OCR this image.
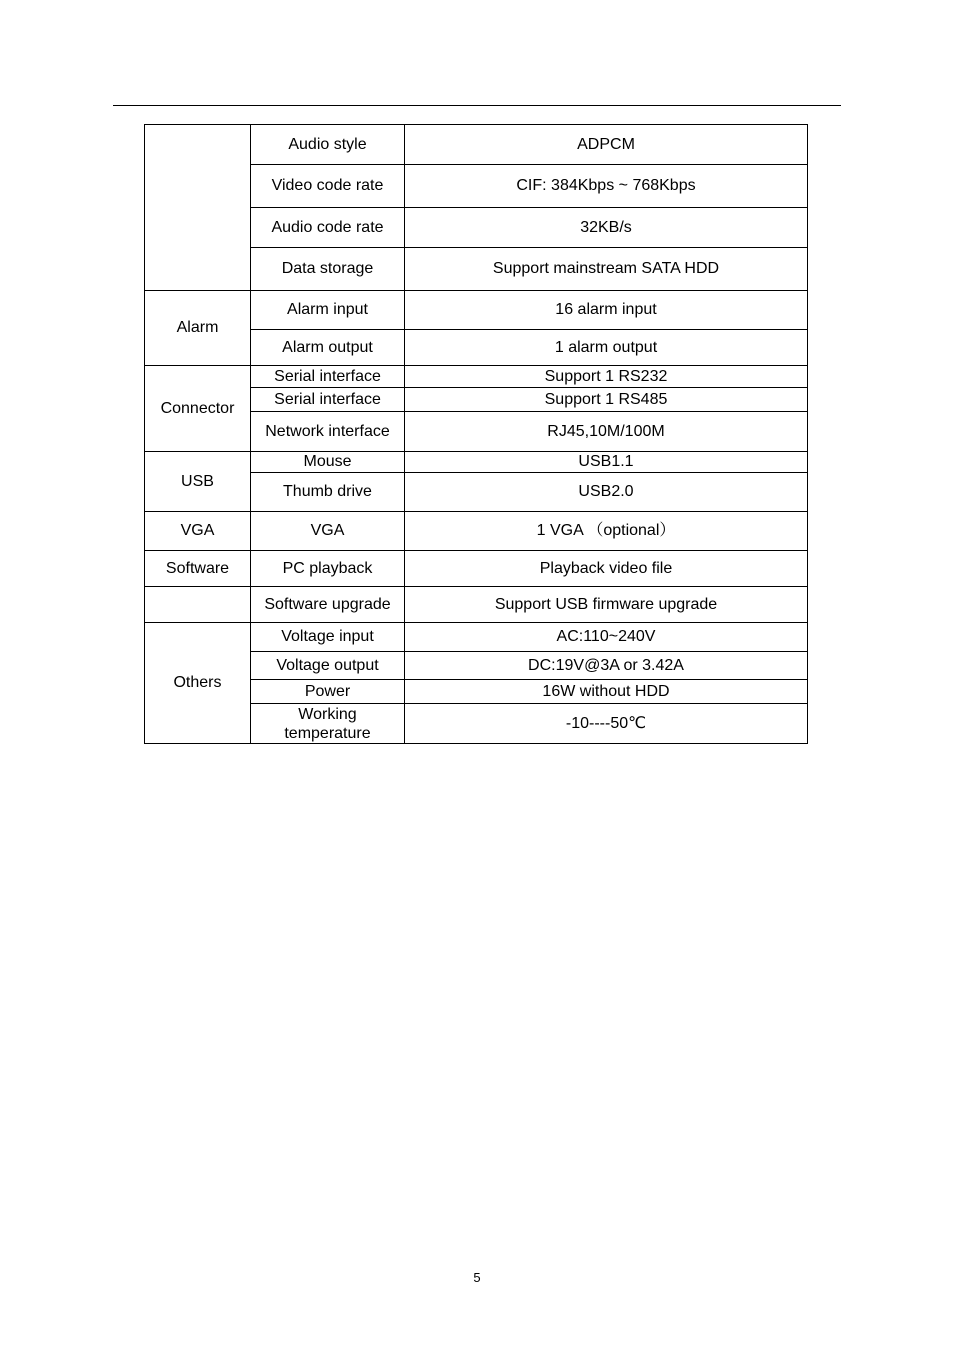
	Audio style	ADPCM
	Video code rate	CIF: 384Kbps ~ 768Kbps
	Audio code rate	32KB/s
	Data storage	Support mainstream SATA HDD
Alarm	Alarm input	16 alarm input
	Alarm output	1 alarm output
Connector	Serial interface	Support 1 RS232
	Serial interface	Support 1 RS485
	Network interface	RJ45,10M/100M
USB	Mouse	USB1.1
	Thumb drive	USB2.0
VGA	VGA	1 VGA （optional）
Software	PC playback	Playback video file
	Software upgrade	Support USB firmware upgrade
Others	Voltage input	AC:110~240V
	Voltage output	DC:19V@3A or 3.42A
	Power	16W without HDD
	Working temperature	-10----50℃
5
